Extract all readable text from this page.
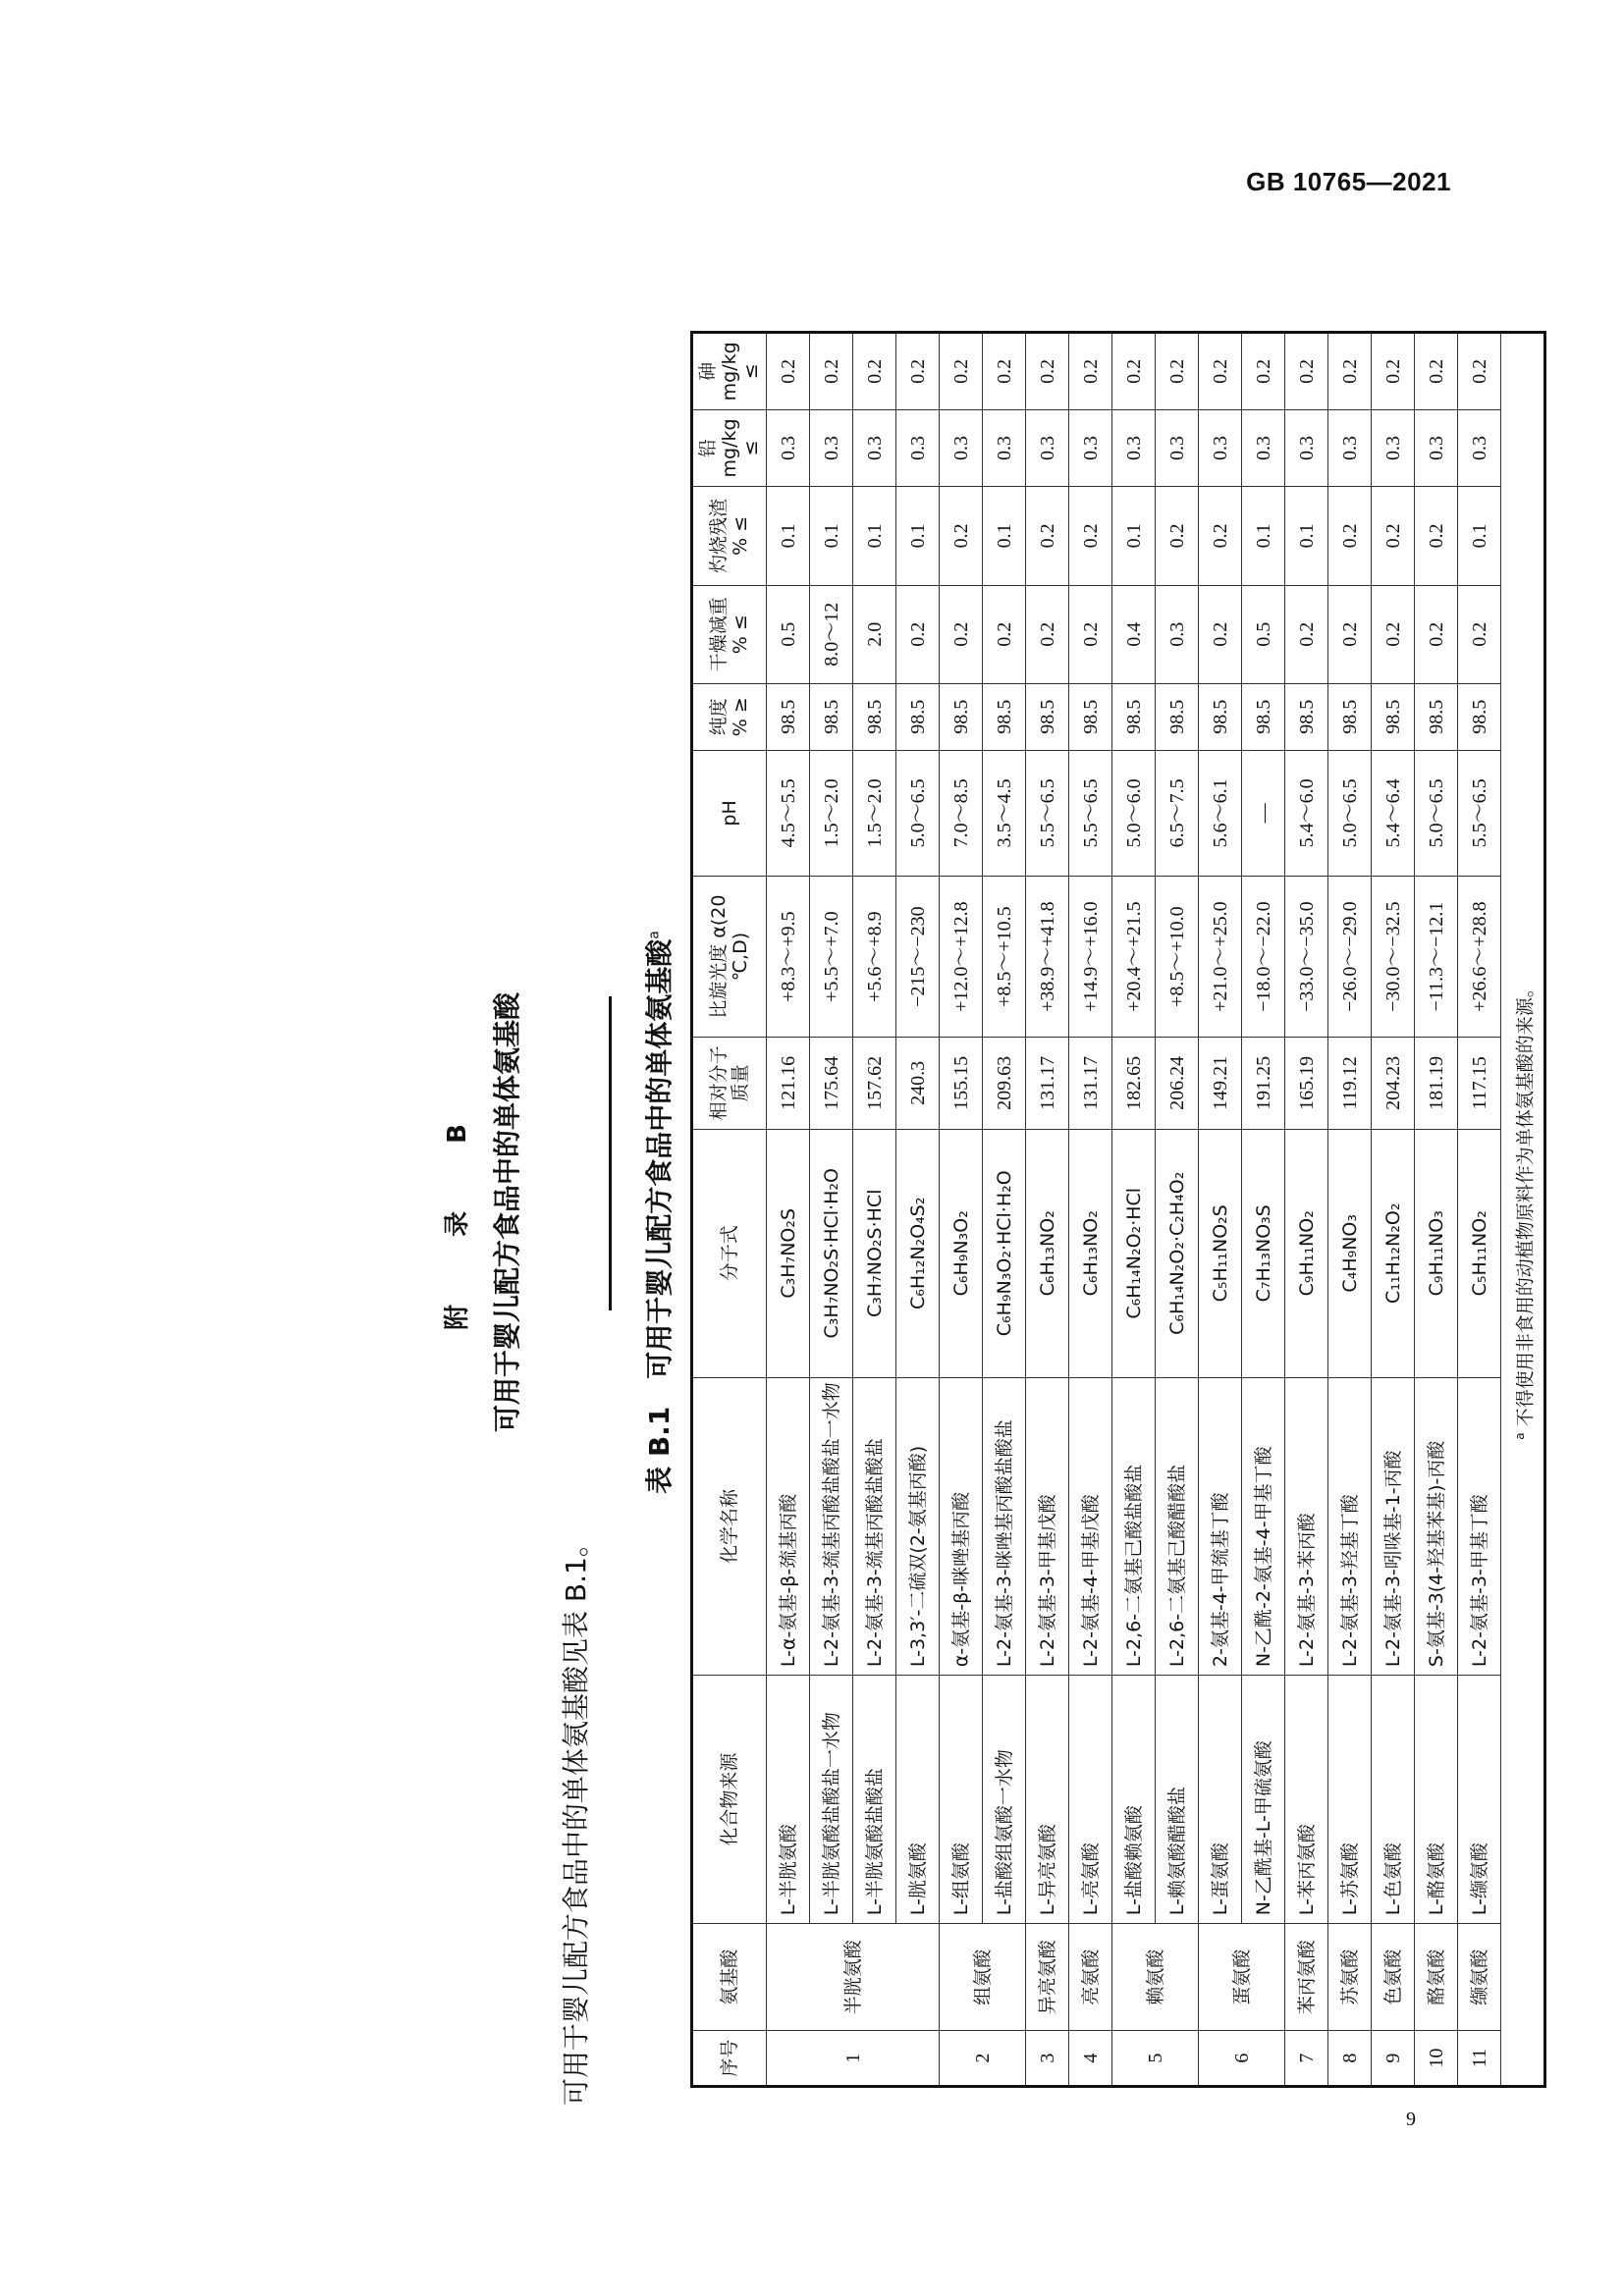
GB 10765—2021
9
附 录 B 可用于婴儿配方食品中的单体氨基酸
可用于婴儿配方食品中的单体氨基酸见表 B.1。
表 B.1　可用于婴儿配方食品中的单体氨基酸$^a$
序号	氨基酸	化合物来源	化学名称	分子式	相对分子质量	比旋光度 α(20 ℃,D)	pH	纯度 % ≥	干燥减重 % ≤	灼烧残渣 % ≤	铅 mg/kg ≤	砷 mg/kg ≤
1	半胱氨酸	L-半胱氨酸	L-α-氨基-β-巯基丙酸	C₃H₇NO₂S	121.16	+8.3～+9.5	4.5～5.5	98.5	0.5	0.1	0.3	0.2
		L-半胱氨酸盐酸盐一水物	L-2-氨基-3-巯基丙酸盐酸盐一水物	C₃H₇NO₂S·HCl·H₂O	175.64	+5.5～+7.0	1.5～2.0	98.5	8.0～12	0.1	0.3	0.2
		L-半胱氨酸盐酸盐	L-2-氨基-3-巯基丙酸盐酸盐	C₃H₇NO₂S·HCl	157.62	+5.6～+8.9	1.5～2.0	98.5	2.0	0.1	0.3	0.2
		L-胱氨酸	L-3,3′-二硫双(2-氨基丙酸)	C₆H₁₂N₂O₄S₂	240.3	−215～−230	5.0～6.5	98.5	0.2	0.1	0.3	0.2
2	组氨酸	L-组氨酸	α-氨基-β-咪唑基丙酸	C₆H₉N₃O₂	155.15	+12.0～+12.8	7.0～8.5	98.5	0.2	0.2	0.3	0.2
		L-盐酸组氨酸一水物	L-2-氨基-3-咪唑基丙酸盐酸盐	C₆H₉N₃O₂·HCl·H₂O	209.63	+8.5～+10.5	3.5～4.5	98.5	0.2	0.1	0.3	0.2
3	异亮氨酸	L-异亮氨酸	L-2-氨基-3-甲基戊酸	C₆H₁₃NO₂	131.17	+38.9～+41.8	5.5～6.5	98.5	0.2	0.2	0.3	0.2
4	亮氨酸	L-亮氨酸	L-2-氨基-4-甲基戊酸	C₆H₁₃NO₂	131.17	+14.9～+16.0	5.5～6.5	98.5	0.2	0.2	0.3	0.2
5	赖氨酸	L-盐酸赖氨酸	L-2,6-二氨基己酸盐酸盐	C₆H₁₄N₂O₂·HCl	182.65	+20.4～+21.5	5.0～6.0	98.5	0.4	0.1	0.3	0.2
		L-赖氨酸醋酸盐	L-2,6-二氨基己酸醋酸盐	C₆H₁₄N₂O₂·C₂H₄O₂	206.24	+8.5～+10.0	6.5～7.5	98.5	0.3	0.2	0.3	0.2
6	蛋氨酸	L-蛋氨酸	2-氨基-4-甲巯基丁酸	C₅H₁₁NO₂S	149.21	+21.0～+25.0	5.6～6.1	98.5	0.2	0.2	0.3	0.2
		N-乙酰基-L-甲硫氨酸	N-乙酰-2-氨基-4-甲基丁酸	C₇H₁₃NO₃S	191.25	−18.0～−22.0	—	98.5	0.5	0.1	0.3	0.2
7	苯丙氨酸	L-苯丙氨酸	L-2-氨基-3-苯丙酸	C₉H₁₁NO₂	165.19	−33.0～−35.0	5.4～6.0	98.5	0.2	0.1	0.3	0.2
8	苏氨酸	L-苏氨酸	L-2-氨基-3-羟基丁酸	C₄H₉NO₃	119.12	−26.0～−29.0	5.0～6.5	98.5	0.2	0.2	0.3	0.2
9	色氨酸	L-色氨酸	L-2-氨基-3-吲哚基-1-丙酸	C₁₁H₁₂N₂O₂	204.23	−30.0～−32.5	5.4～6.4	98.5	0.2	0.2	0.3	0.2
10	酪氨酸	L-酪氨酸	S-氨基-3(4-羟基苯基)-丙酸	C₉H₁₁NO₃	181.19	−11.3～−12.1	5.0～6.5	98.5	0.2	0.2	0.3	0.2
11	缬氨酸	L-缬氨酸	L-2-氨基-3-甲基丁酸	C₅H₁₁NO₂	117.15	+26.6～+28.8	5.5～6.5	98.5	0.2	0.1	0.3	0.2
$^a$ 不得使用非食用的动植物原料作为单体氨基酸的来源。												
